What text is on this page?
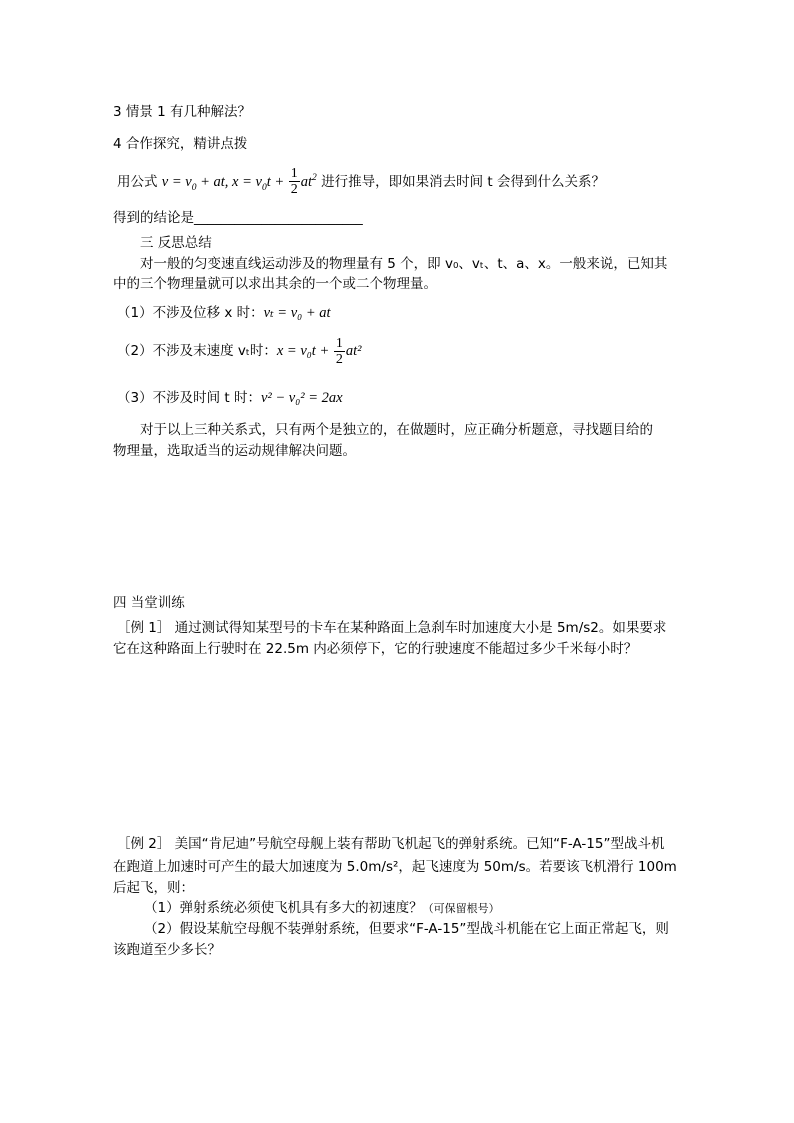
3 情景 1 有几种解法？
4 合作探究，精讲点拨
用公式 $v = v_0$ + at, $x = v_0t + \frac{1}{2} at^2$ 进行推导，即如果消去时间 t 会得到什么关系？
得到的结论是_________________________
三 反思总结
对一般的匀变速直线运动涉及的物理量有 5 个，即 v₀、vₜ、t、a、x。一般来说，已知其
中的三个物理量就可以求出其余的一个或二个物理量。
（1）不涉及位移 x 时：vₜ = v₀ + at
（2）不涉及末速度 vₜ时：$x = v_0t + \frac{1}{2} at^2$
（3）不涉及时间 t 时：v² − v₀² = 2ax
对于以上三种关系式，只有两个是独立的，在做题时，应正确分析题意，寻找题目给的
物理量，选取适当的运动规律解决问题。
四 当堂训练
［例 1］ 通过测试得知某型号的卡车在某种路面上急刹车时加速度大小是 5m/s2。如果要求
它在这种路面上行驶时在 22.5m 内必须停下，它的行驶速度不能超过多少千米每小时？
［例 2］ 美国“肯尼迪”号航空母舰上装有帮助飞机起飞的弹射系统。已知“F-A-15”型战斗机
在跑道上加速时可产生的最大加速度为 5.0m/s²，起飞速度为 50m/s。若要该飞机滑行 100m
后起飞，则：
（1）弹射系统必须使飞机具有多大的初速度？（可保留根号）
（2）假设某航空母舰不装弹射系统，但要求“F-A-15”型战斗机能在它上面正常起飞，则
该跑道至少多长？
